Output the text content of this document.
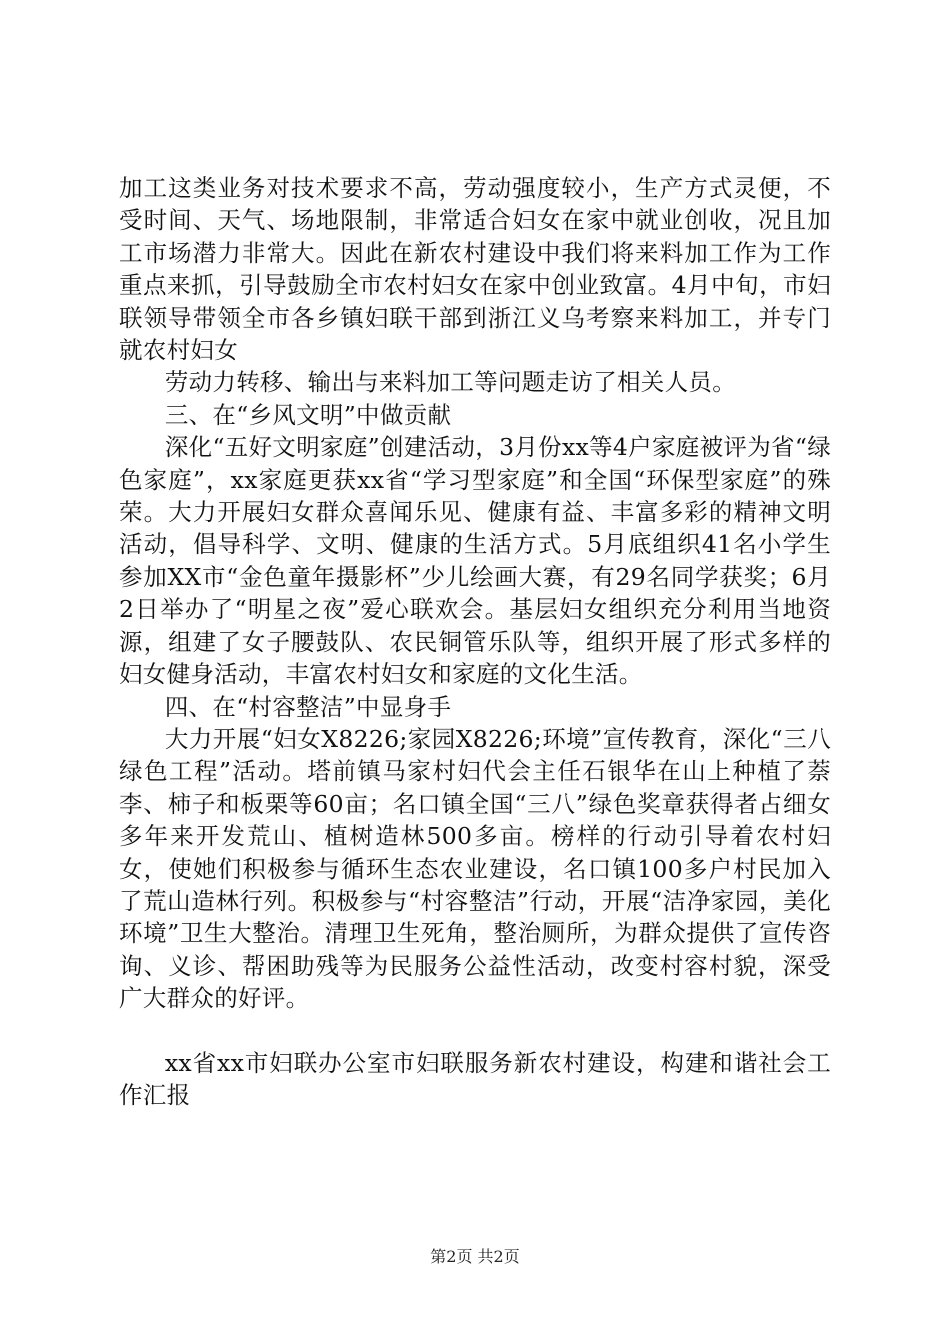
加工这类业务对技术要求不高，劳动强度较小，生产方式灵便，不受时间、天气、场地限制，非常适合妇女在家中就业创收，况且加工市场潜力非常大。因此在新农村建设中我们将来料加工作为工作重点来抓，引导鼓励全市农村妇女在家中创业致富。4月中旬，市妇联领导带领全市各乡镇妇联干部到浙江义乌考察来料加工，并专门就农村妇女

劳动力转移、输出与来料加工等问题走访了相关人员。

三、在“乡风文明”中做贡献

深化“五好文明家庭”创建活动，3月份xx等4户家庭被评为省“绿色家庭”，xx家庭更获xx省“学习型家庭”和全国“环保型家庭”的殊荣。大力开展妇女群众喜闻乐见、健康有益、丰富多彩的精神文明活动，倡导科学、文明、健康的生活方式。5月底组织41名小学生参加XX市“金色童年摄影杯”少儿绘画大赛，有29名同学获奖；6月2日举办了“明星之夜”爱心联欢会。基层妇女组织充分利用当地资源，组建了女子腰鼓队、农民铜管乐队等，组织开展了形式多样的妇女健身活动，丰富农村妇女和家庭的文化生活。

四、在“村容整洁”中显身手

大力开展“妇女X8226;家园X8226;环境”宣传教育，深化“三八绿色工程”活动。塔前镇马家村妇代会主任石银华在山上种植了萘李、柿子和板栗等60亩；名口镇全国“三八”绿色奖章获得者占细女多年来开发荒山、植树造林500多亩。榜样的行动引导着农村妇女，使她们积极参与循环生态农业建设，名口镇100多户村民加入了荒山造林行列。积极参与“村容整洁”行动，开展“洁净家园，美化环境”卫生大整治。清理卫生死角，整治厕所，为群众提供了宣传咨询、义诊、帮困助残等为民服务公益性活动，改变村容村貌，深受广大群众的好评。

xx省xx市妇联办公室市妇联服务新农村建设，构建和谐社会工作汇报

第2页 共2页
